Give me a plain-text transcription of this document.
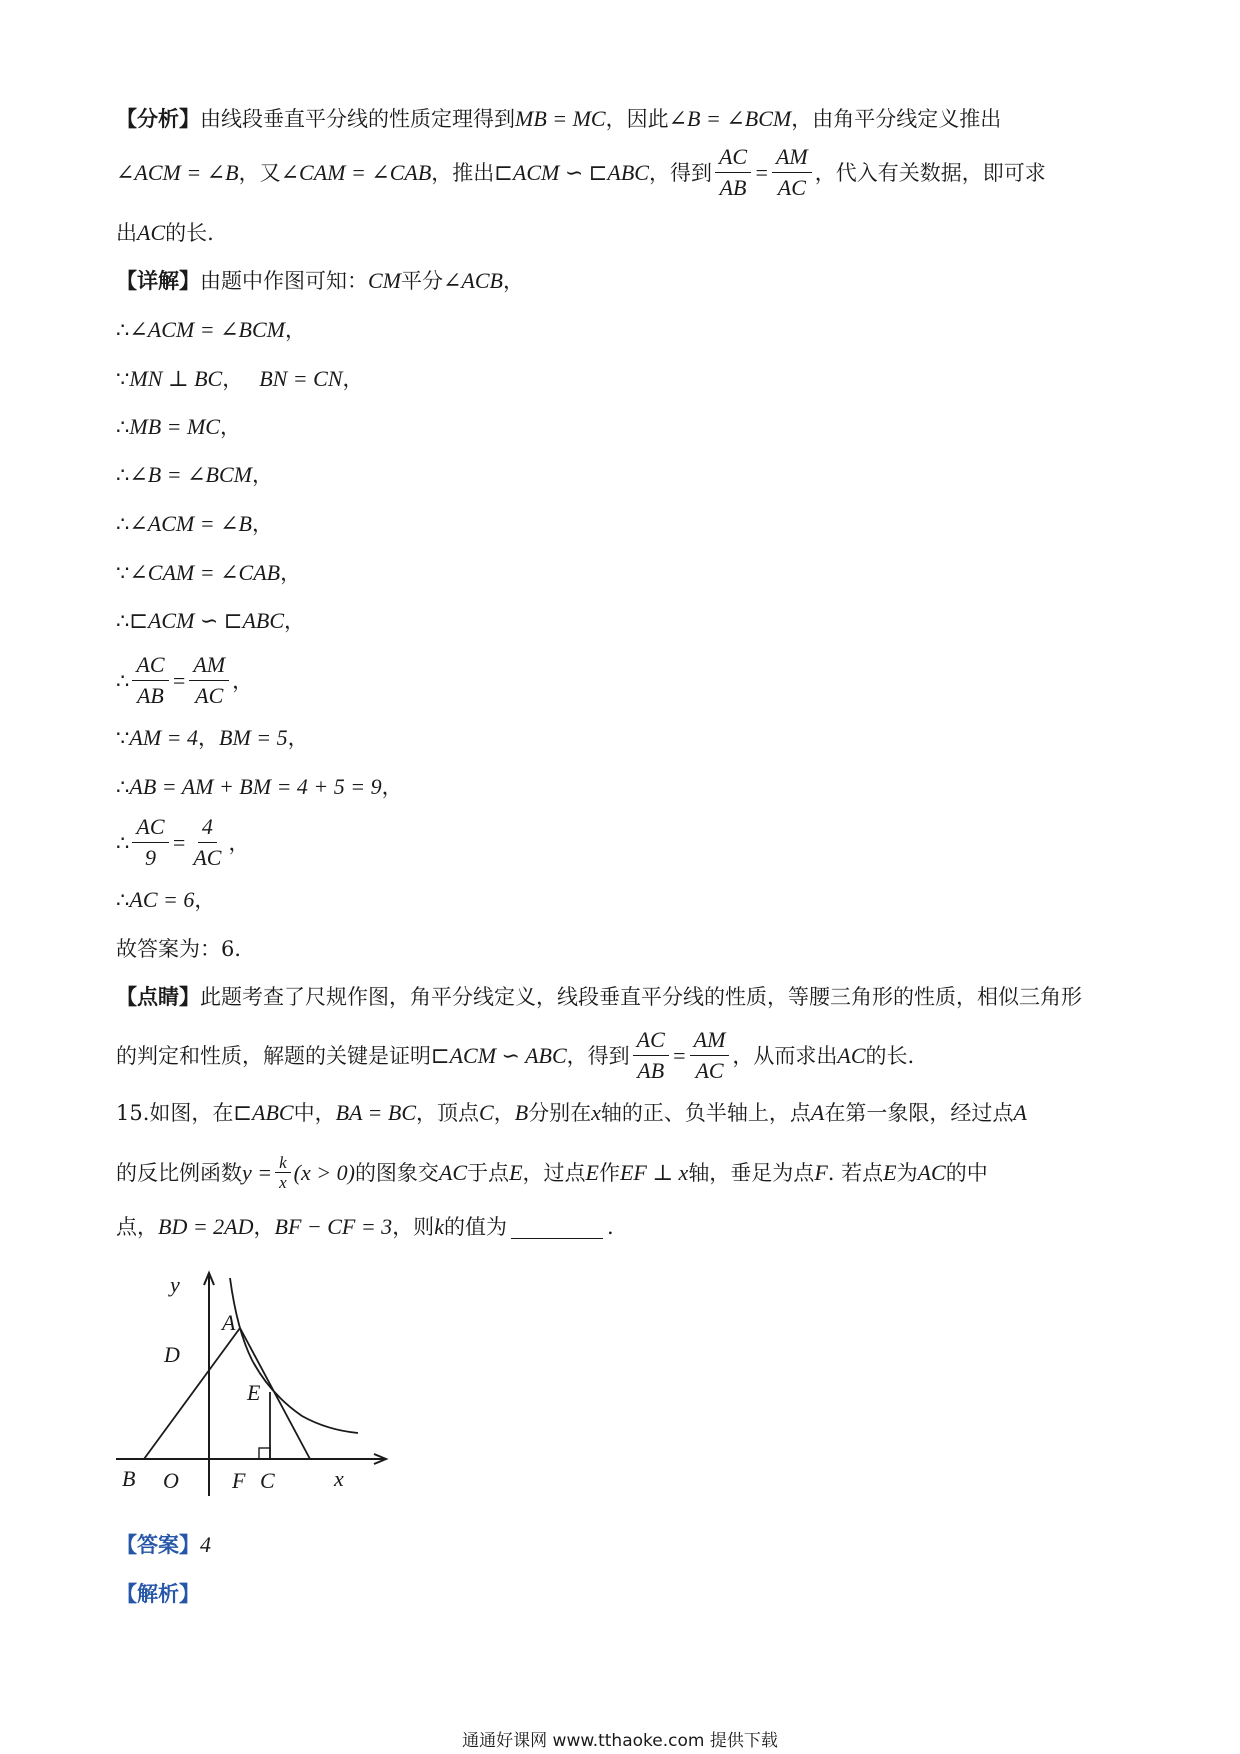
【分析】 由线段垂直平分线的性质定理得到 MB = MC ，因此 ∠B = ∠BCM ，由角平分线定义推出
∠ACM = ∠B ，又 ∠CAM = ∠CAB ，推出 ⊏ACM ∽ ⊏ABC ，得到 $\frac{AC}{AB} = \frac{AM}{AC}$ ，代入有关数据，即可求
出 AC 的长.
【详解】 由题中作图可知： CM 平分 ∠ACB ，
∴ ∠ACM = ∠BCM ，
∵ MN ⊥ BC ， BN = CN ，
∴ MB = MC ，
∴ ∠B = ∠BCM ，
∴ ∠ACM = ∠B ，
∵ ∠CAM = ∠CAB ，
∴ ⊏ACM ∽ ⊏ABC ，
∴ $\frac{AC}{AB} = \frac{AM}{AC}$ ，
∵ AM = 4 ， BM = 5 ，
∴ AB = AM + BM = 4 + 5 = 9 ，
∴ $\frac{AC}{9} = \frac{4}{AC}$ ，
∴ AC = 6 ，
故答案为：6．
【点睛】 此题考查了尺规作图，角平分线定义，线段垂直平分线的性质，等腰三角形的性质，相似三角形
的判定和性质，解题的关键是证明 ⊏ACM ∽ ABC ，得到 $\frac{AC}{AB} = \frac{AM}{AC}$ ，从而求出 AC 的长.
15. 如图，在 ⊏ABC 中， BA = BC ，顶点 C ， B 分别在 x 轴的正、负半轴上，点 A 在第一象限，经过点 A
的反比例函数 $y = \frac{k}{x} (x > 0)$ 的图象交 AC 于点 E ，过点 E 作 EF ⊥ x 轴，垂足为点 F . 若点 E 为 AC 的中
点， BD = 2AD ， BF − CF = 3 ，则 k 的值为	.
y
A
D
E
B O F C	x
【答案】 4
【解析】
通通好课网 www.tthaoke.com 提供下载
